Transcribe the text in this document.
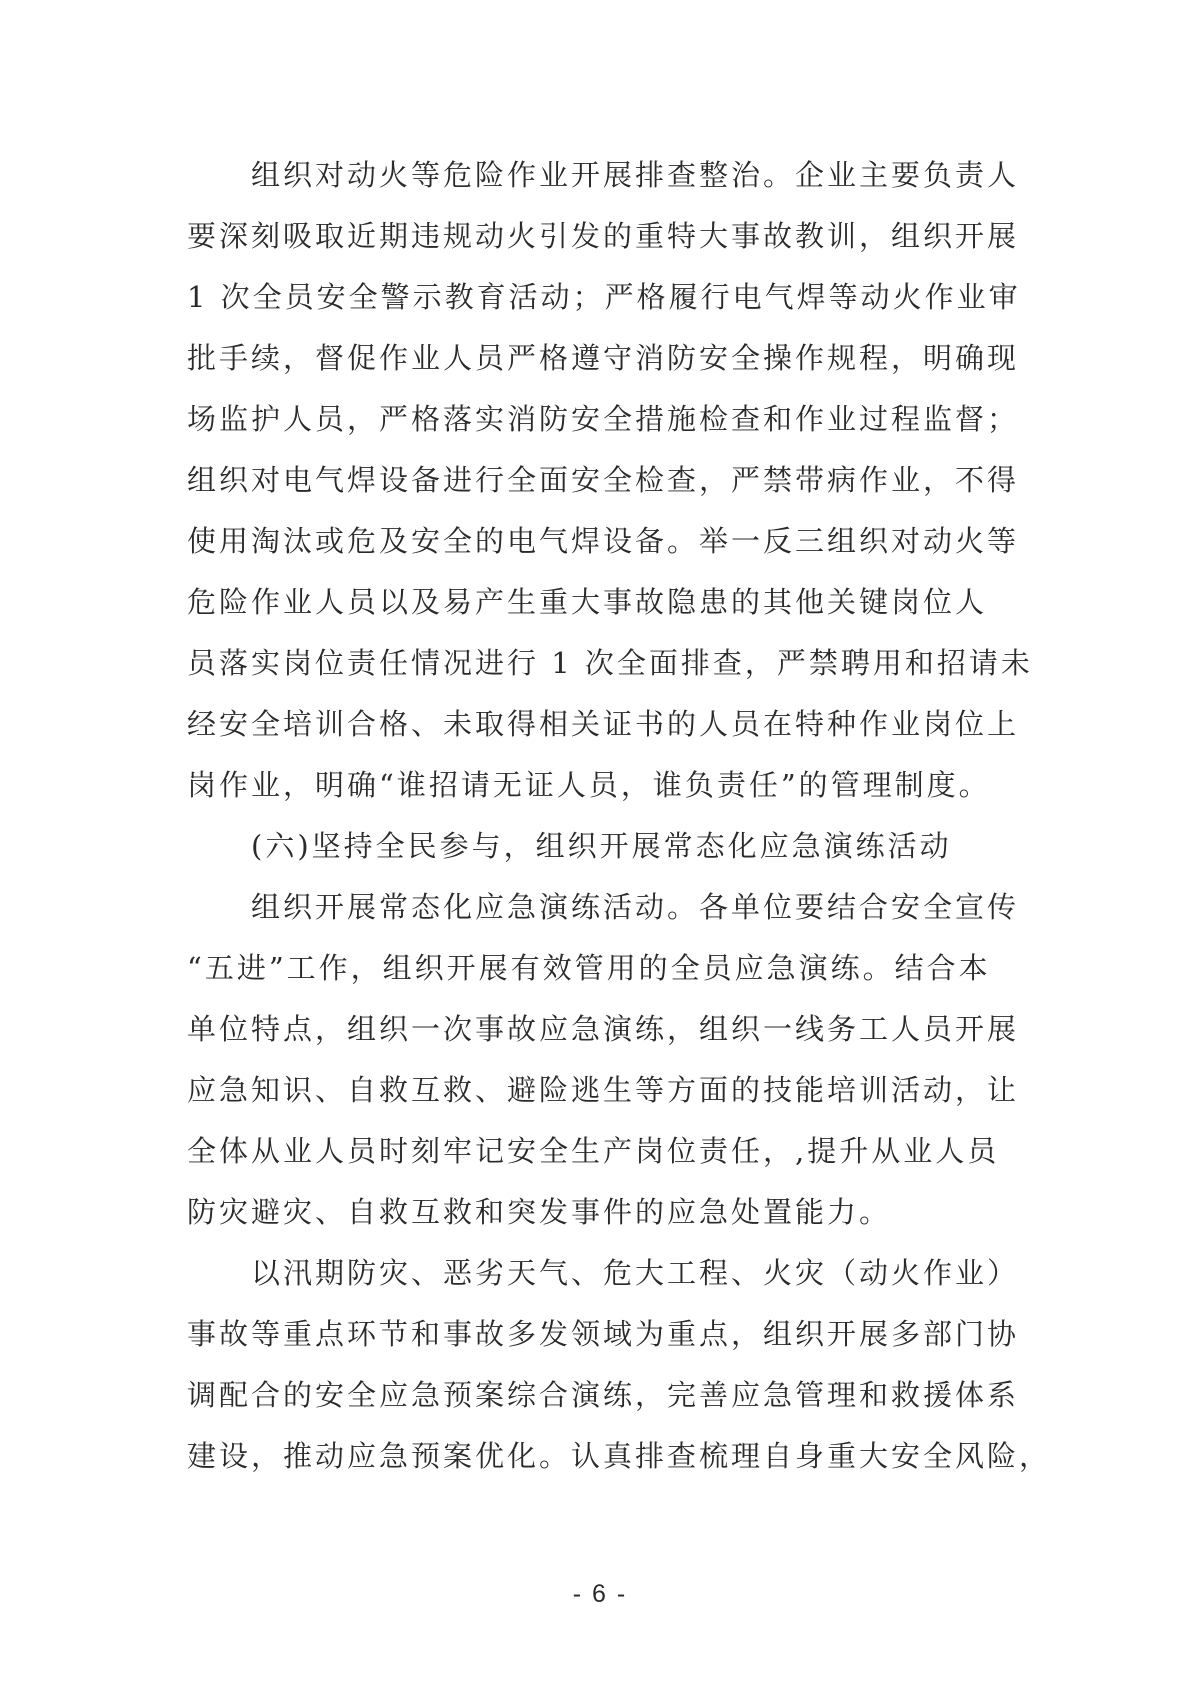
　　组织对动火等危险作业开展排查整治。企业主要负责人
要深刻吸取近期违规动火引发的重特大事故教训，组织开展
1 次全员安全警示教育活动；严格履行电气焊等动火作业审
批手续，督促作业人员严格遵守消防安全操作规程，明确现
场监护人员，严格落实消防安全措施检查和作业过程监督；
组织对电气焊设备进行全面安全检查，严禁带病作业，不得
使用淘汰或危及安全的电气焊设备。举一反三组织对动火等
危险作业人员以及易产生重大事故隐患的其他关键岗位人
员落实岗位责任情况进行 1 次全面排查，严禁聘用和招请未
经安全培训合格、未取得相关证书的人员在特种作业岗位上
岗作业，明确“谁招请无证人员，谁负责任”的管理制度。

　　(六)坚持全民参与，组织开展常态化应急演练活动

　　组织开展常态化应急演练活动。各单位要结合安全宣传
“五进”工作，组织开展有效管用的全员应急演练。结合本
单位特点，组织一次事故应急演练，组织一线务工人员开展
应急知识、自救互救、避险逃生等方面的技能培训活动，让
全体从业人员时刻牢记安全生产岗位责任，,提升从业人员
防灾避灾、自救互救和突发事件的应急处置能力。

　　以汛期防灾、恶劣天气、危大工程、火灾（动火作业）
事故等重点环节和事故多发领域为重点，组织开展多部门协
调配合的安全应急预案综合演练，完善应急管理和救援体系
建设，推动应急预案优化。认真排查梳理自身重大安全风险，

- 6 -
